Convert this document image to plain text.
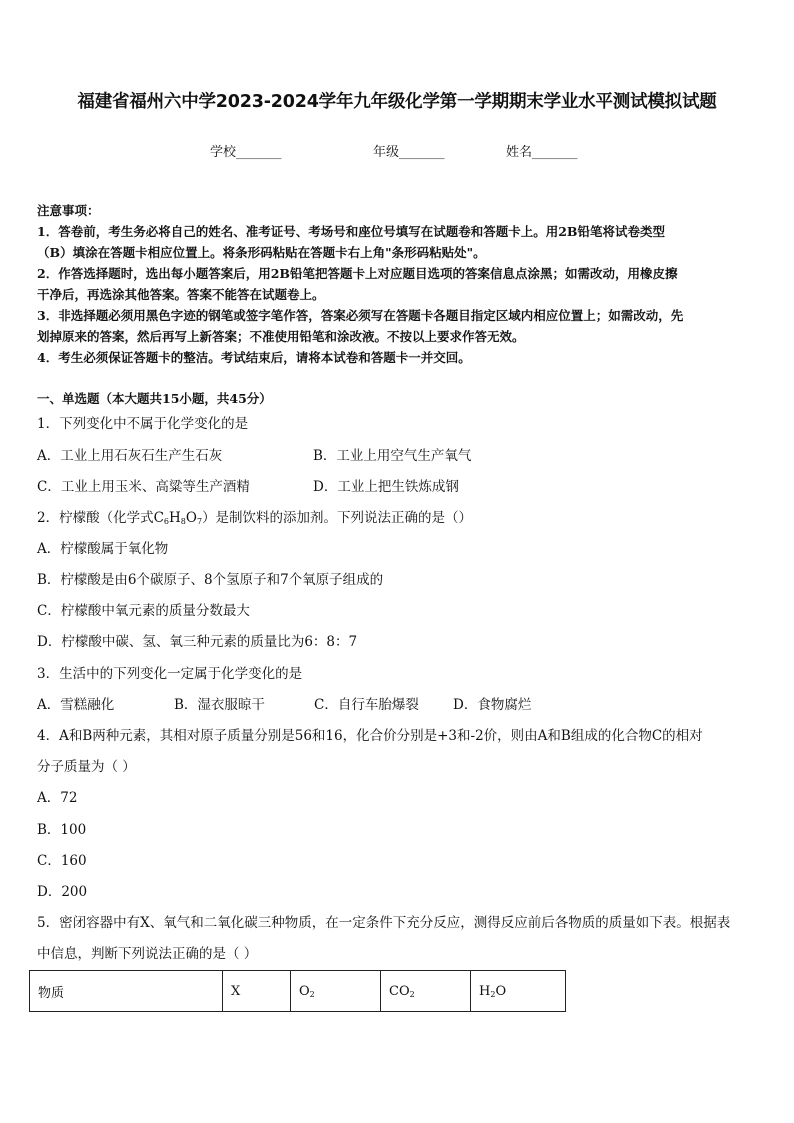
福建省福州六中学2023-2024学年九年级化学第一学期期末学业水平测试模拟试题
学校_______	年级_______	姓名_______
注意事项：
1．答卷前，考生务必将自己的姓名、准考证号、考场号和座位号填写在试题卷和答题卡上。用2B铅笔将试卷类型
（B）填涂在答题卡相应位置上。将条形码粘贴在答题卡右上角"条形码粘贴处"。
2．作答选择题时，选出每小题答案后，用2B铅笔把答题卡上对应题目选项的答案信息点涂黑；如需改动，用橡皮擦
干净后，再选涂其他答案。答案不能答在试题卷上。
3．非选择题必须用黑色字迹的钢笔或签字笔作答，答案必须写在答题卡各题目指定区域内相应位置上；如需改动，先
划掉原来的答案，然后再写上新答案；不准使用铅笔和涂改液。不按以上要求作答无效。
4．考生必须保证答题卡的整洁。考试结束后，请将本试卷和答题卡一并交回。
一、单选题（本大题共15小题，共45分）
1．下列变化中不属于化学变化的是
A．工业上用石灰石生产生石灰	B．工业上用空气生产氧气
C．工业上用玉米、高粱等生产酒精	D．工业上把生铁炼成钢
2．柠檬酸（化学式$C_6H_8O_7$）是制饮料的添加剂。下列说法正确的是（）
A．柠檬酸属于氧化物
B．柠檬酸是由6个碳原子、8个氢原子和7个氧原子组成的
C．柠檬酸中氧元素的质量分数最大
D．柠檬酸中碳、氢、氧三种元素的质量比为6：8：7
3．生活中的下列变化一定属于化学变化的是
A．雪糕融化	B．湿衣服晾干	C．自行车胎爆裂	D．食物腐烂
4．A和B两种元素，其相对原子质量分别是56和16，化合价分别是+3和-2价，则由A和B组成的化合物C的相对
分子质量为（ ）
A．72
B．100
C．160
D．200
5．密闭容器中有X、氧气和二氧化碳三种物质，在一定条件下充分反应，测得反应前后各物质的质量如下表。根据表
中信息，判断下列说法正确的是（ ）
物质	X	$O_2$	$CO_2$	$H_2O$
